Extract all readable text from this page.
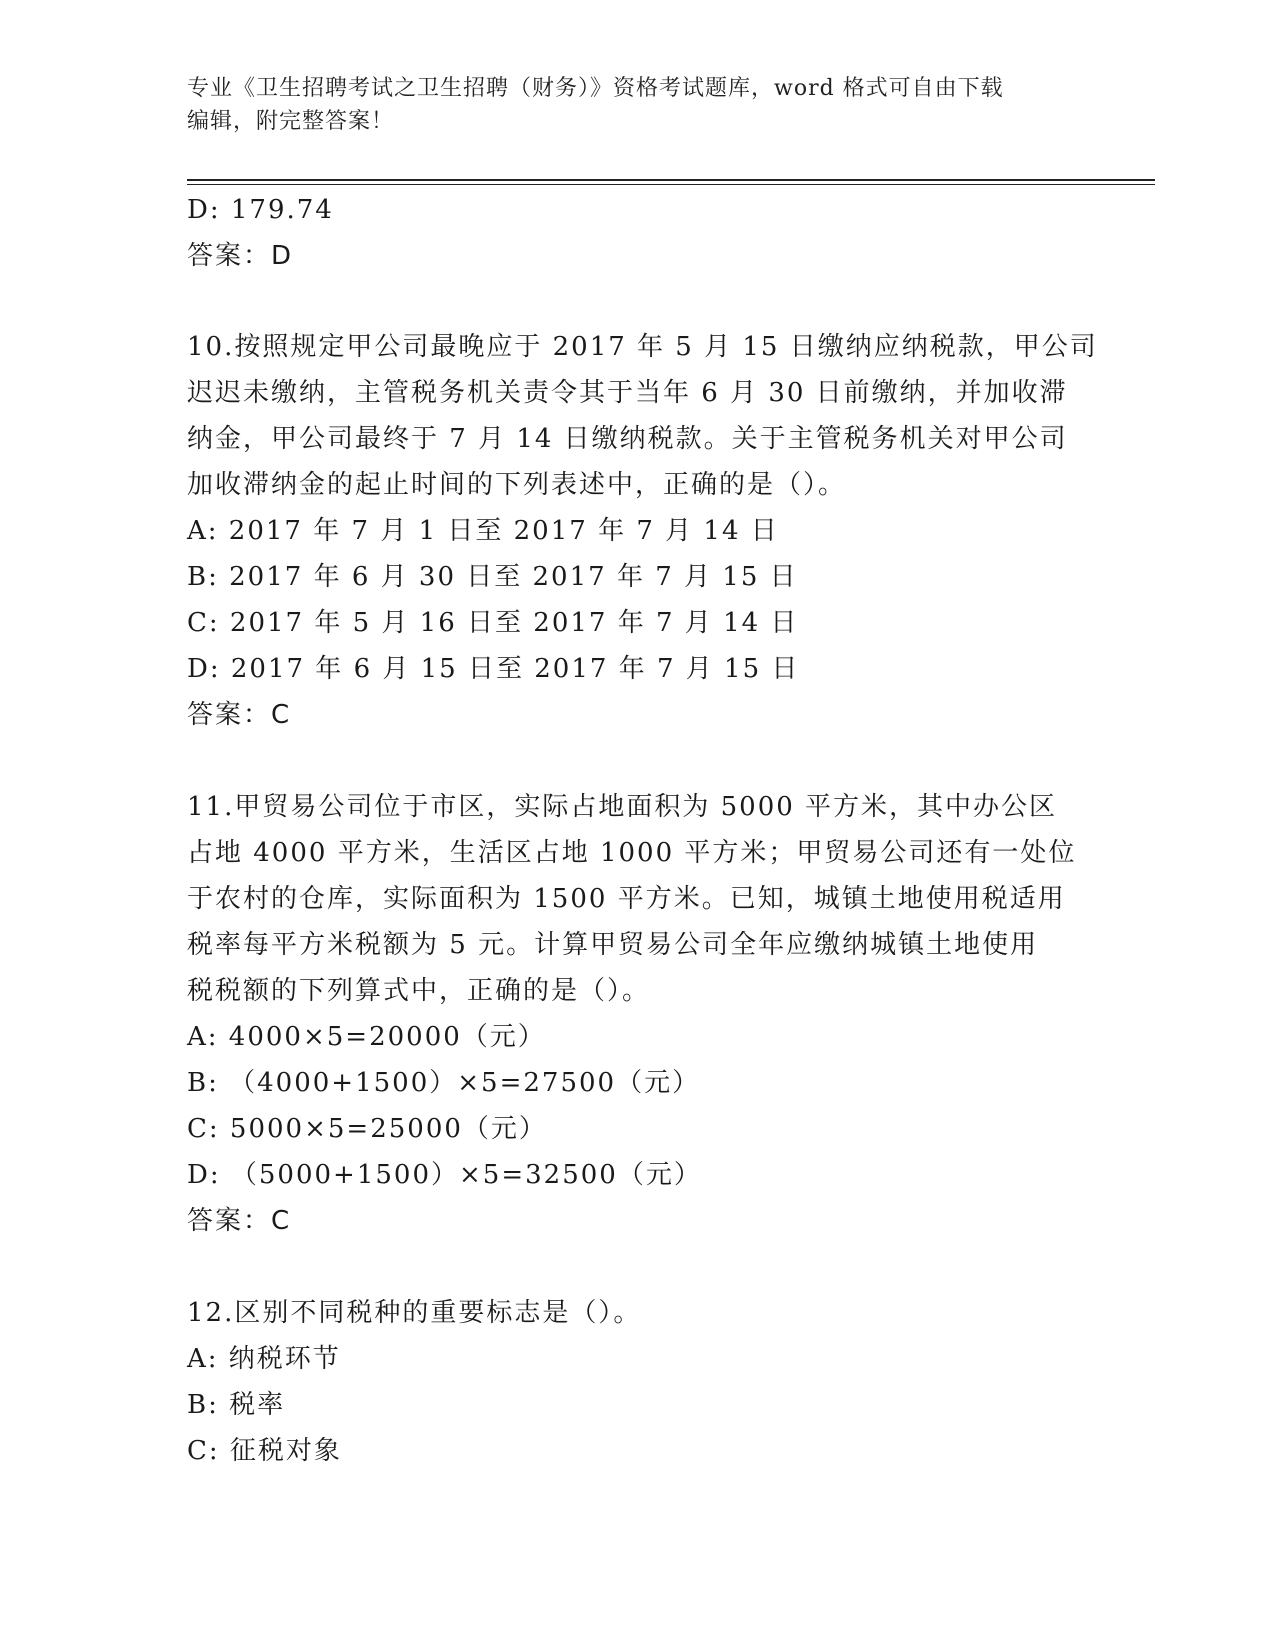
专业《卫生招聘考试之卫生招聘（财务）》资格考试题库，word 格式可自由下载
编辑，附完整答案！
D: 179.74
答案：D
10.按照规定甲公司最晚应于 2017 年 5 月 15 日缴纳应纳税款，甲公司
迟迟未缴纳，主管税务机关责令其于当年 6 月 30 日前缴纳，并加收滞
纳金，甲公司最终于 7 月 14 日缴纳税款。关于主管税务机关对甲公司
加收滞纳金的起止时间的下列表述中，正确的是（）。
A: 2017 年 7 月 1 日至 2017 年 7 月 14 日
B: 2017 年 6 月 30 日至 2017 年 7 月 15 日
C: 2017 年 5 月 16 日至 2017 年 7 月 14 日
D: 2017 年 6 月 15 日至 2017 年 7 月 15 日
答案：C
11.甲贸易公司位于市区，实际占地面积为 5000 平方米，其中办公区
占地 4000 平方米，生活区占地 1000 平方米；甲贸易公司还有一处位
于农村的仓库，实际面积为 1500 平方米。已知，城镇土地使用税适用
税率每平方米税额为 5 元。计算甲贸易公司全年应缴纳城镇土地使用
税税额的下列算式中，正确的是（）。
A: 4000×5=20000（元）
B: （4000+1500）×5=27500（元）
C: 5000×5=25000（元）
D: （5000+1500）×5=32500（元）
答案：C
12.区别不同税种的重要标志是（）。
A: 纳税环节
B: 税率
C: 征税对象
